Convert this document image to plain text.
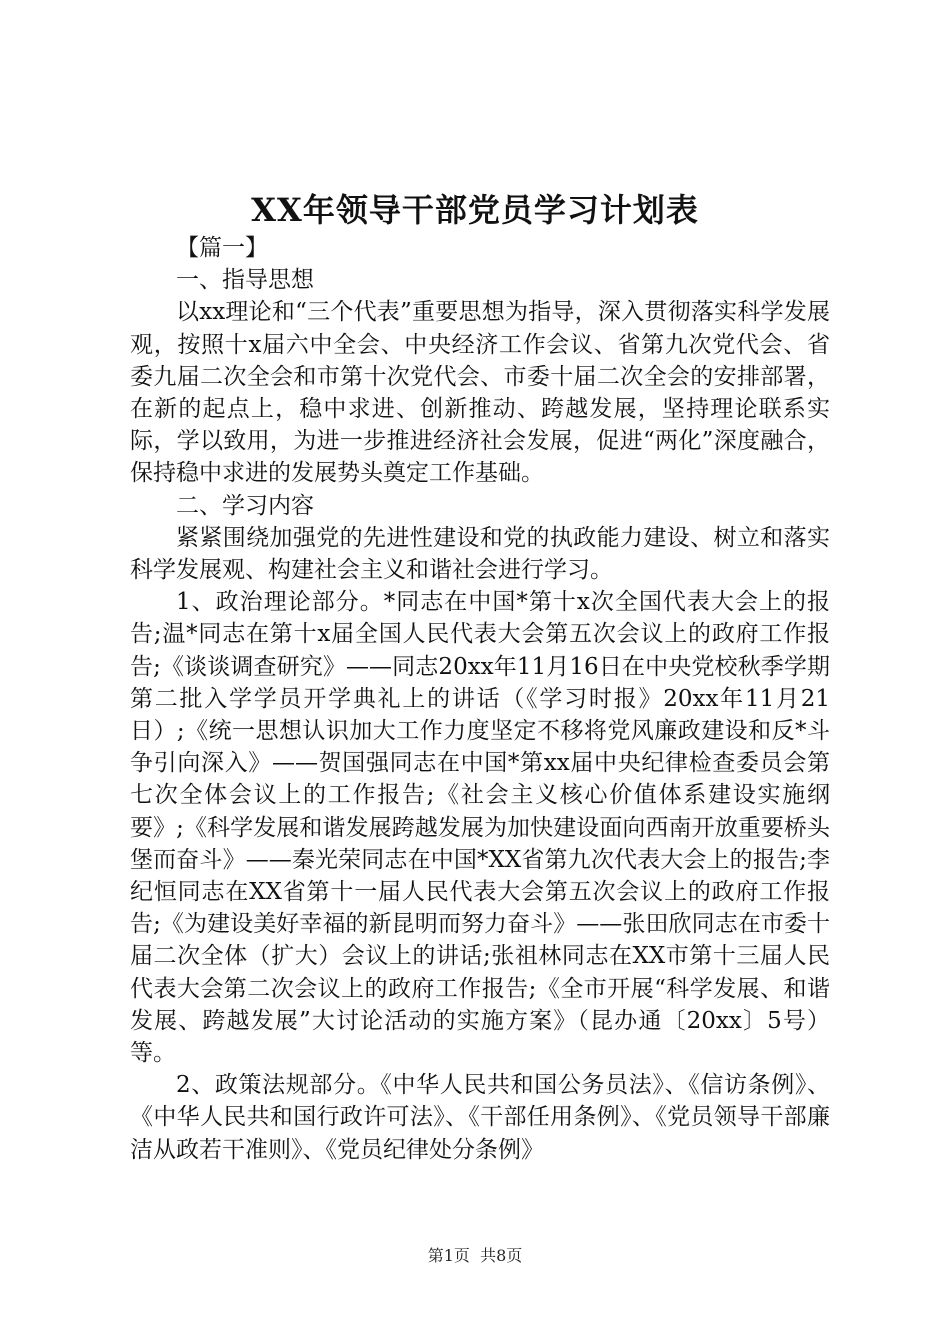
XX年领导干部党员学习计划表

【篇一】

一、指导思想

以xx理论和“三个代表”重要思想为指导，深入贯彻落实科学发展观，按照十x届六中全会、中央经济工作会议、省第九次党代会、省委九届二次全会和市第十次党代会、市委十届二次全会的安排部署，在新的起点上，稳中求进、创新推动、跨越发展，坚持理论联系实际，学以致用，为进一步推进经济社会发展，促进“两化”深度融合，保持稳中求进的发展势头奠定工作基础。

二、学习内容

紧紧围绕加强党的先进性建设和党的执政能力建设、树立和落实科学发展观、构建社会主义和谐社会进行学习。

1、政治理论部分。*同志在中国*第十x次全国代表大会上的报告;温*同志在第十x届全国人民代表大会第五次会议上的政府工作报告;《谈谈调查研究》——同志20xx年11月16日在中央党校秋季学期第二批入学学员开学典礼上的讲话（《学习时报》20xx年11月21日）;《统一思想认识加大工作力度坚定不移将党风廉政建设和反*斗争引向深入》——贺国强同志在中国*第xx届中央纪律检查委员会第七次全体会议上的工作报告;《社会主义核心价值体系建设实施纲要》;《科学发展和谐发展跨越发展为加快建设面向西南开放重要桥头堡而奋斗》——秦光荣同志在中国*XX省第九次代表大会上的报告;李纪恒同志在XX省第十一届人民代表大会第五次会议上的政府工作报告;《为建设美好幸福的新昆明而努力奋斗》——张田欣同志在市委十届二次全体（扩大）会议上的讲话;张祖林同志在XX市第十三届人民代表大会第二次会议上的政府工作报告;《全市开展“科学发展、和谐发展、跨越发展”大讨论活动的实施方案》（昆办通〔20xx〕5号）等。

2、政策法规部分。《中华人民共和国公务员法》、《信访条例》、《中华人民共和国行政许可法》、《干部任用条例》、《党员领导干部廉洁从政若干准则》、《党员纪律处分条例》

第1页 共8页
